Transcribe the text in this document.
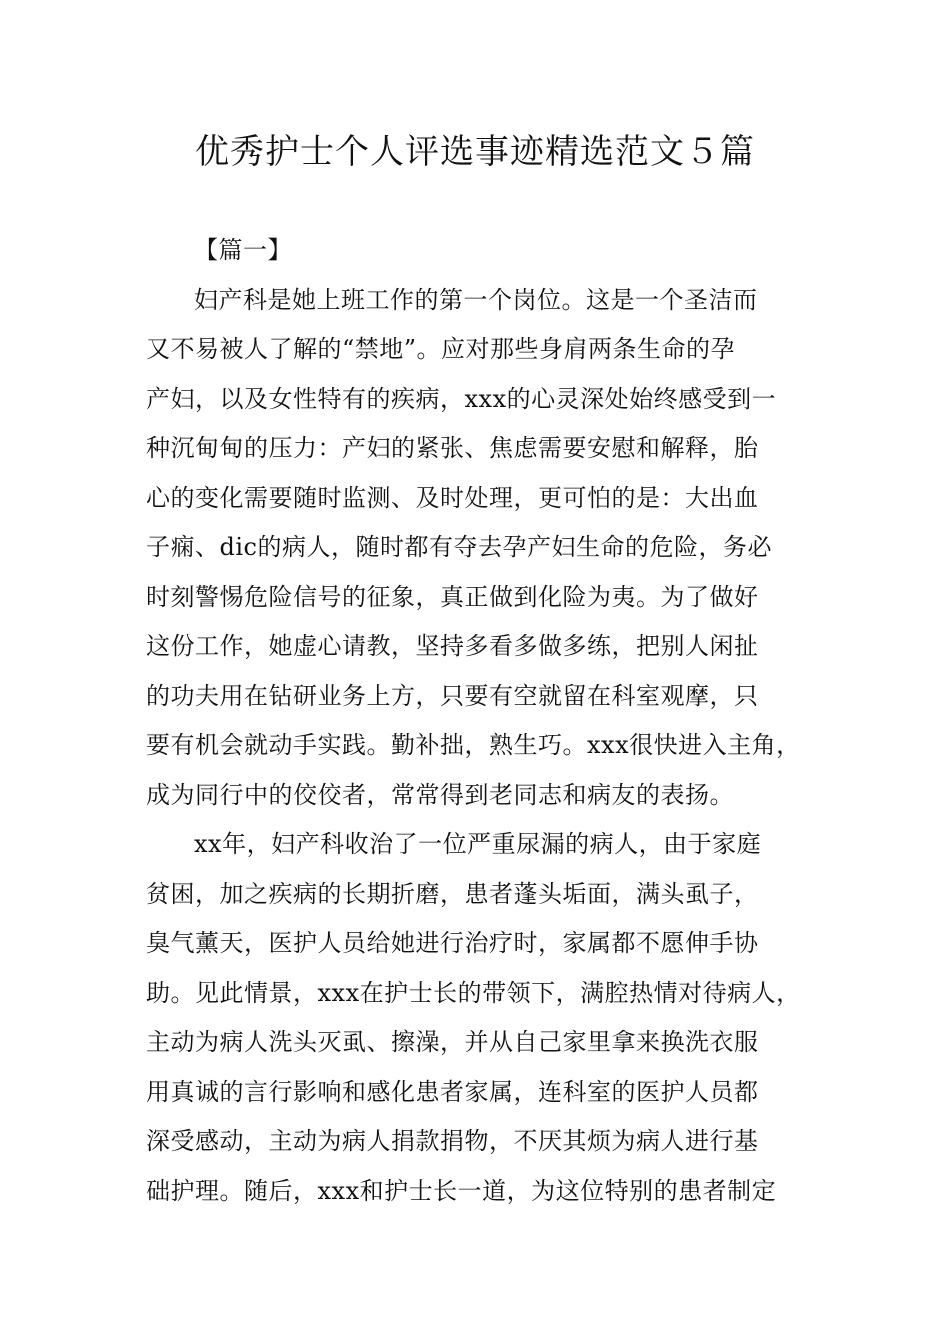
优秀护士个人评选事迹精选范文５篇
【篇一】
妇产科是她上班工作的第一个岗位。这是一个圣洁而
又不易被人了解的“禁地”。应对那些身肩两条生命的孕
产妇，以及女性特有的疾病，xxx的心灵深处始终感受到一
种沉甸甸的压力：产妇的紧张、焦虑需要安慰和解释，胎
心的变化需要随时监测、及时处理，更可怕的是：大出血
子痫、dic的病人，随时都有夺去孕产妇生命的危险，务必
时刻警惕危险信号的征象，真正做到化险为夷。为了做好
这份工作，她虚心请教，坚持多看多做多练，把别人闲扯
的功夫用在钻研业务上方，只要有空就留在科室观摩，只
要有机会就动手实践。勤补拙，熟生巧。xxx很快进入主角，
成为同行中的佼佼者，常常得到老同志和病友的表扬。
xx年，妇产科收治了一位严重尿漏的病人，由于家庭
贫困，加之疾病的长期折磨，患者蓬头垢面，满头虱子，
臭气薰天，医护人员给她进行治疗时，家属都不愿伸手协
助。见此情景，xxx在护士长的带领下，满腔热情对待病人，
主动为病人洗头灭虱、擦澡，并从自己家里拿来换洗衣服
用真诚的言行影响和感化患者家属，连科室的医护人员都
深受感动，主动为病人捐款捐物，不厌其烦为病人进行基
础护理。随后，xxx和护士长一道，为这位特别的患者制定
